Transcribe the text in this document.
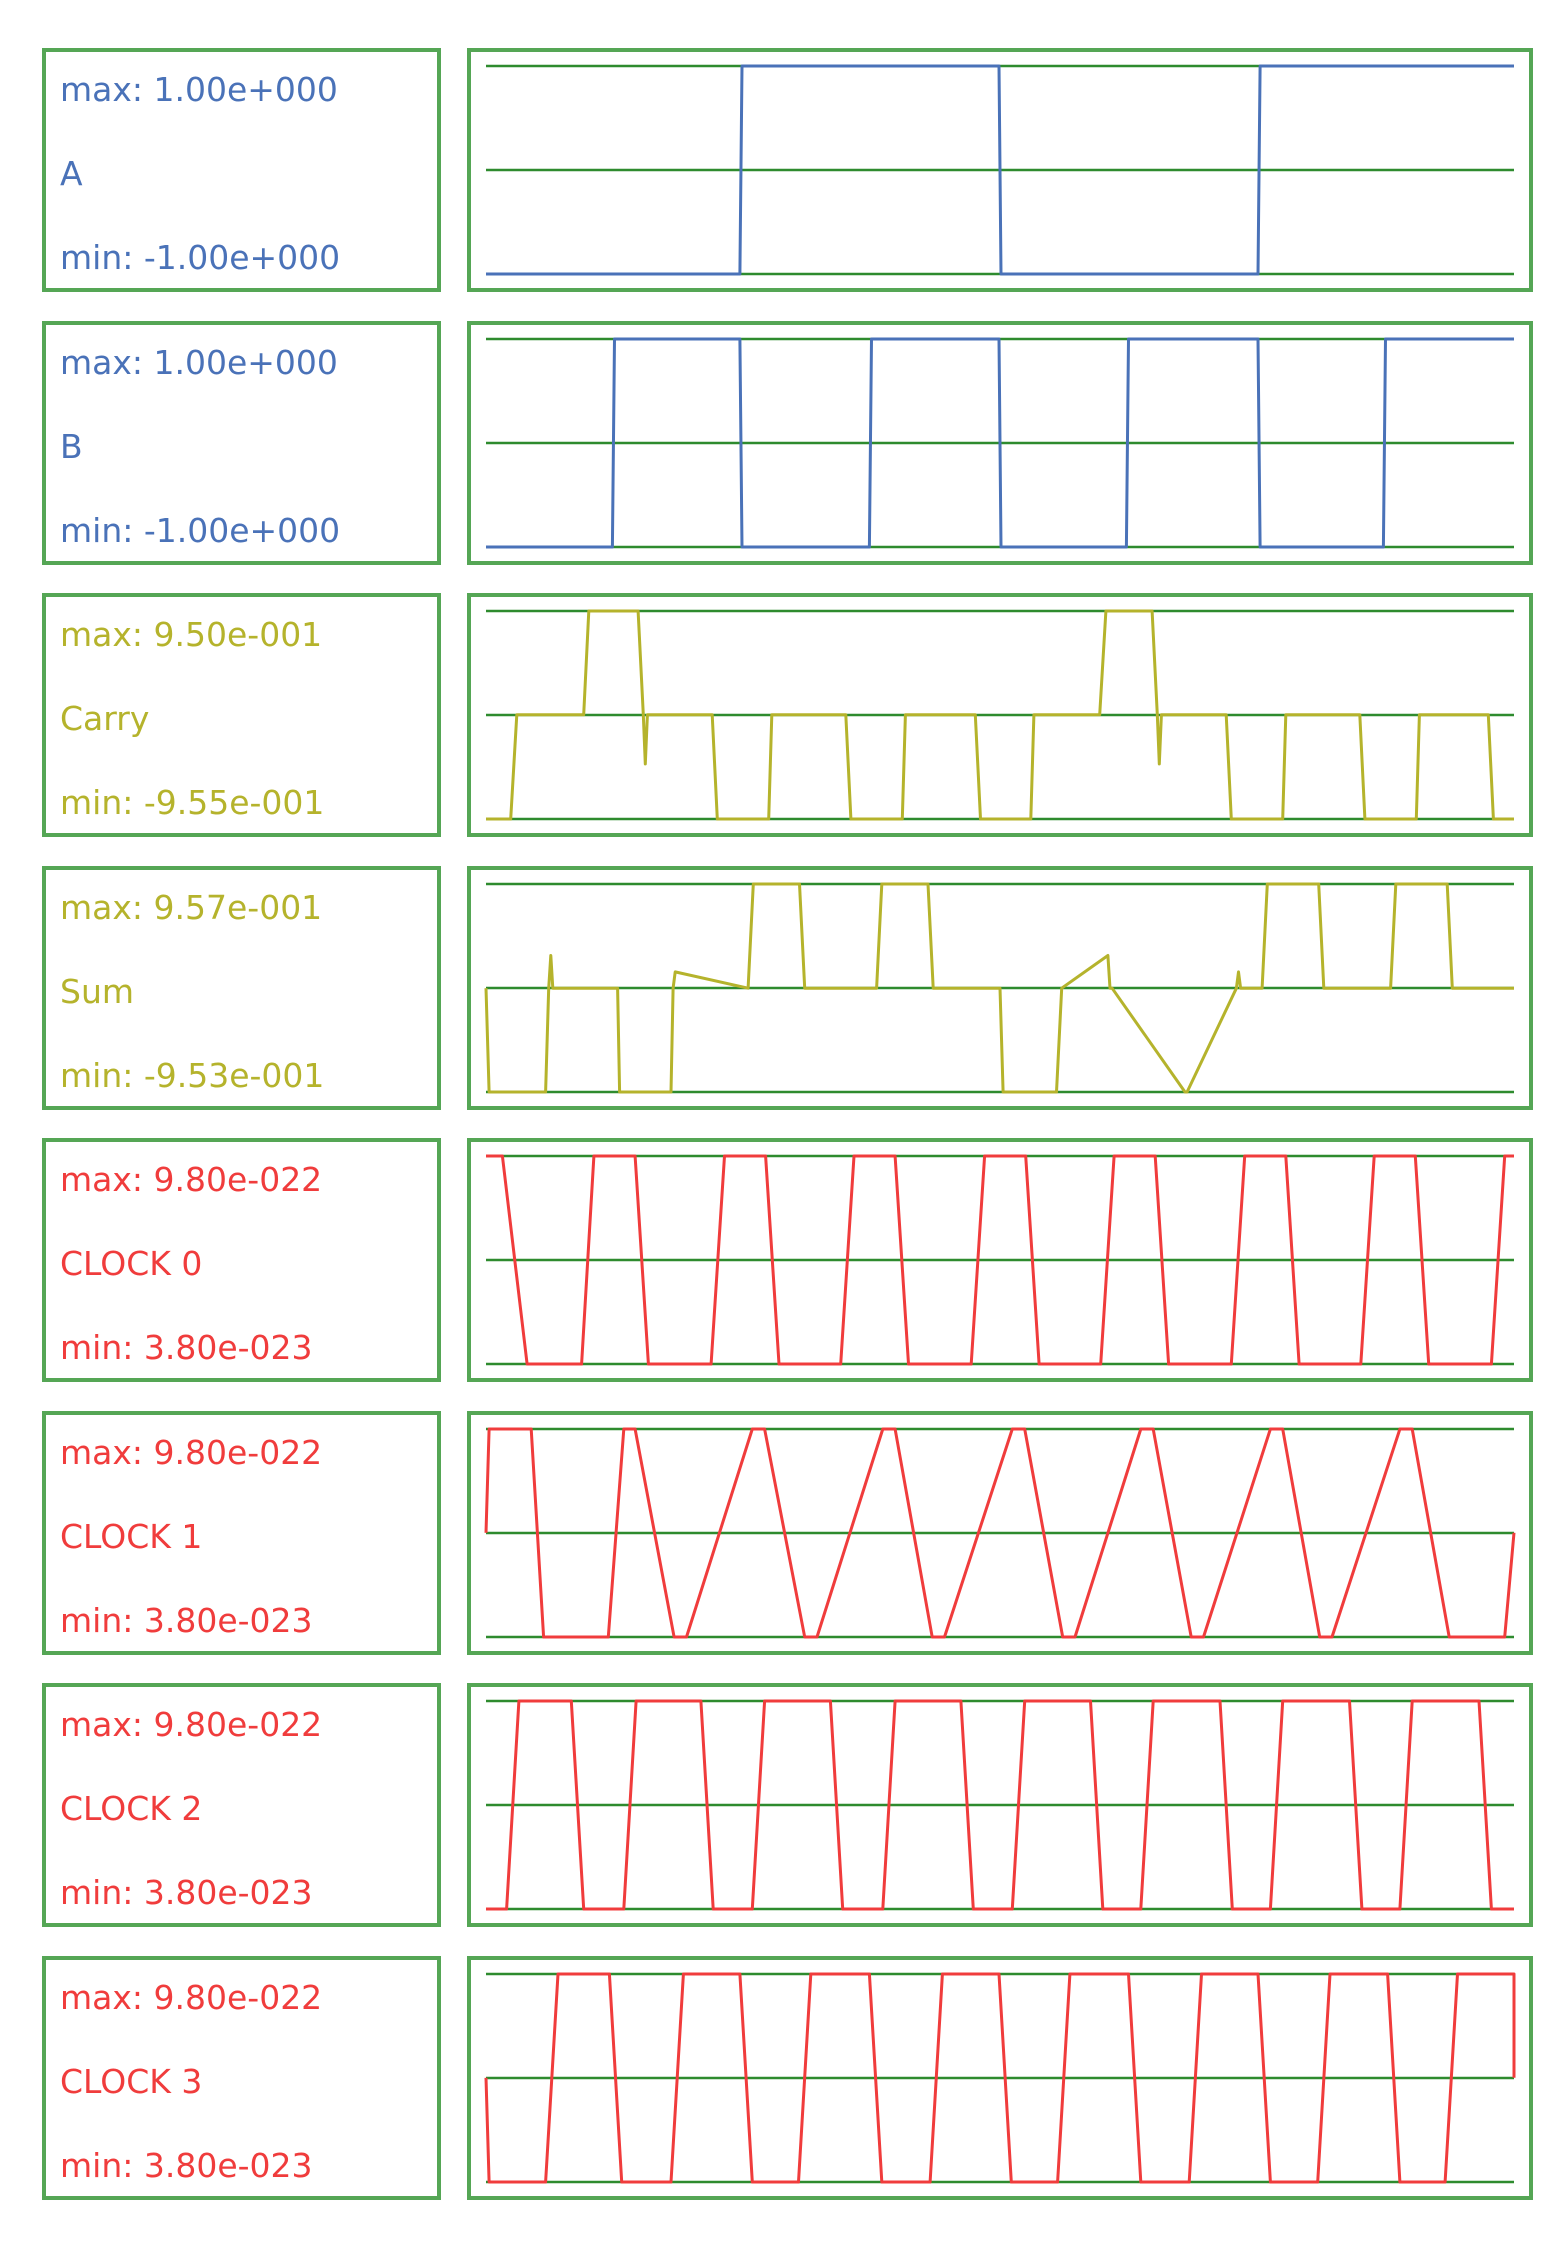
max: 1.00e+000
A
min: -1.00e+000
max: 1.00e+000
B
min: -1.00e+000
max: 9.50e-001
Carry
min: -9.55e-001
max: 9.57e-001
Sum
min: -9.53e-001
max: 9.80e-022
CLOCK 0
min: 3.80e-023
max: 9.80e-022
CLOCK 1
min: 3.80e-023
max: 9.80e-022
CLOCK 2
min: 3.80e-023
max: 9.80e-022
CLOCK 3
min: 3.80e-023
